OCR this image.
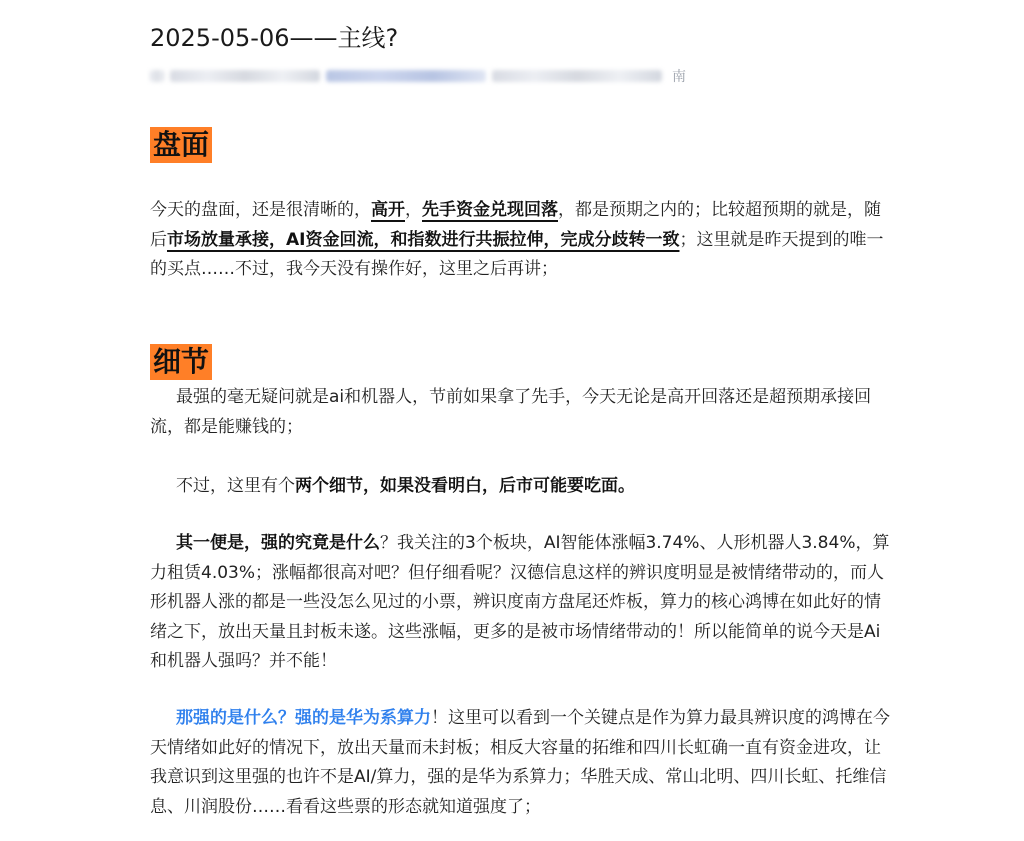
2025-05-06——主线?
南
盘面

今天的盘面，还是很清晰的，高开，先手资金兑现回落，都是预期之内的；比较超预期的就是，随后市场放量承接，AI资金回流，和指数进行共振拉伸，完成分歧转一致；这里就是昨天提到的唯一的买点……不过，我今天没有操作好，这里之后再讲；

细节

最强的毫无疑问就是ai和机器人，节前如果拿了先手，今天无论是高开回落还是超预期承接回流，都是能赚钱的；

不过，这里有个两个细节，如果没看明白，后市可能要吃面。

其一便是，强的究竟是什么？我关注的3个板块，AI智能体涨幅3.74%、人形机器人3.84%，算力租赁4.03%；涨幅都很高对吧？但仔细看呢？汉德信息这样的辨识度明显是被情绪带动的，而人形机器人涨的都是一些没怎么见过的小票，辨识度南方盘尾还炸板，算力的核心鸿博在如此好的情绪之下，放出天量且封板未遂。这些涨幅，更多的是被市场情绪带动的！所以能简单的说今天是Ai和机器人强吗？并不能！

那强的是什么？强的是华为系算力！这里可以看到一个关键点是作为算力最具辨识度的鸿博在今天情绪如此好的情况下，放出天量而未封板；相反大容量的拓维和四川长虹确一直有资金进攻，让我意识到这里强的也许不是AI/算力，强的是华为系算力；华胜天成、常山北明、四川长虹、托维信息、川润股份……看看这些票的形态就知道强度了；
